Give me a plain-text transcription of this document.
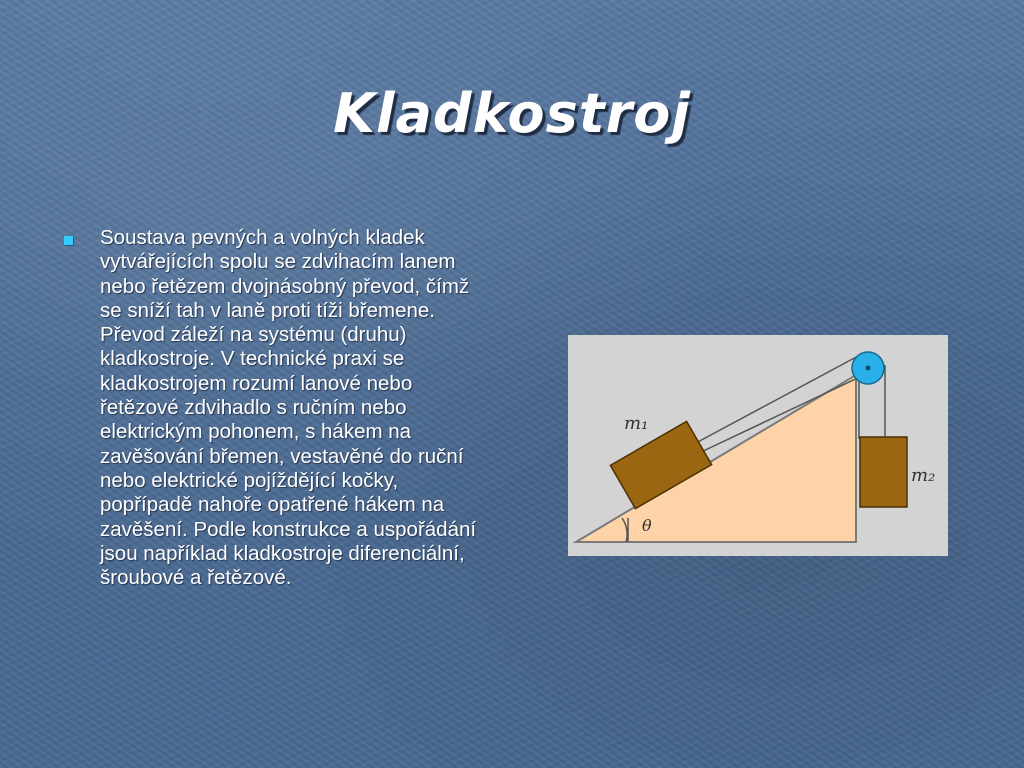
Kladkostroj
Soustava pevných a volných kladek vytvářejících spolu se zdvihacím lanem nebo řetězem dvojnásobný převod, čímž se sníží tah v laně proti tíži břemene. Převod záleží na systému (druhu) kladkostroje. V technické praxi se kladkostrojem rozumí lanové nebo řetězové zdvihadlo s ručním nebo elektrickým pohonem, s hákem na zavěšování břemen, vestavěné do ruční nebo elektrické pojíždějící kočky, popřípadě nahoře opatřené hákem na zavěšení. Podle konstrukce a uspořádání jsou například kladkostroje diferenciální, šroubové a řetězové.
m₁
m₂
θ
